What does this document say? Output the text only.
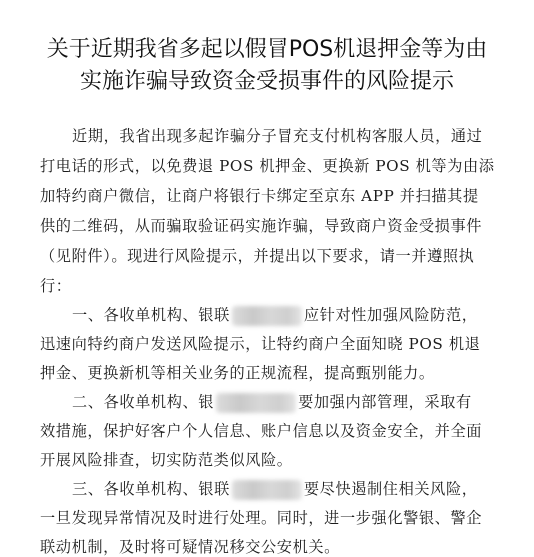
关于近期我省多起以假冒POS机退押金等为由
实施诈骗导致资金受损事件的风险提示
近期，我省出现多起诈骗分子冒充支付机构客服人员，通过
打电话的形式，以免费退 POS 机押金、更换新 POS 机等为由添
加特约商户微信，让商户将银行卡绑定至京东 APP 并扫描其提
供的二维码，从而骗取验证码实施诈骗，导致商户资金受损事件
（见附件）。现进行风险提示，并提出以下要求，请一并遵照执
行：
一、各收单机构、银联	应针对性加强风险防范，
迅速向特约商户发送风险提示，让特约商户全面知晓 POS 机退
押金、更换新机等相关业务的正规流程，提高甄别能力。
二、各收单机构、银	要加强内部管理，采取有
效措施，保护好客户个人信息、账户信息以及资金安全，并全面
开展风险排查，切实防范类似风险。
三、各收单机构、银联	要尽快遏制住相关风险，
一旦发现异常情况及时进行处理。同时，进一步强化警银、警企
联动机制，及时将可疑情况移交公安机关。
